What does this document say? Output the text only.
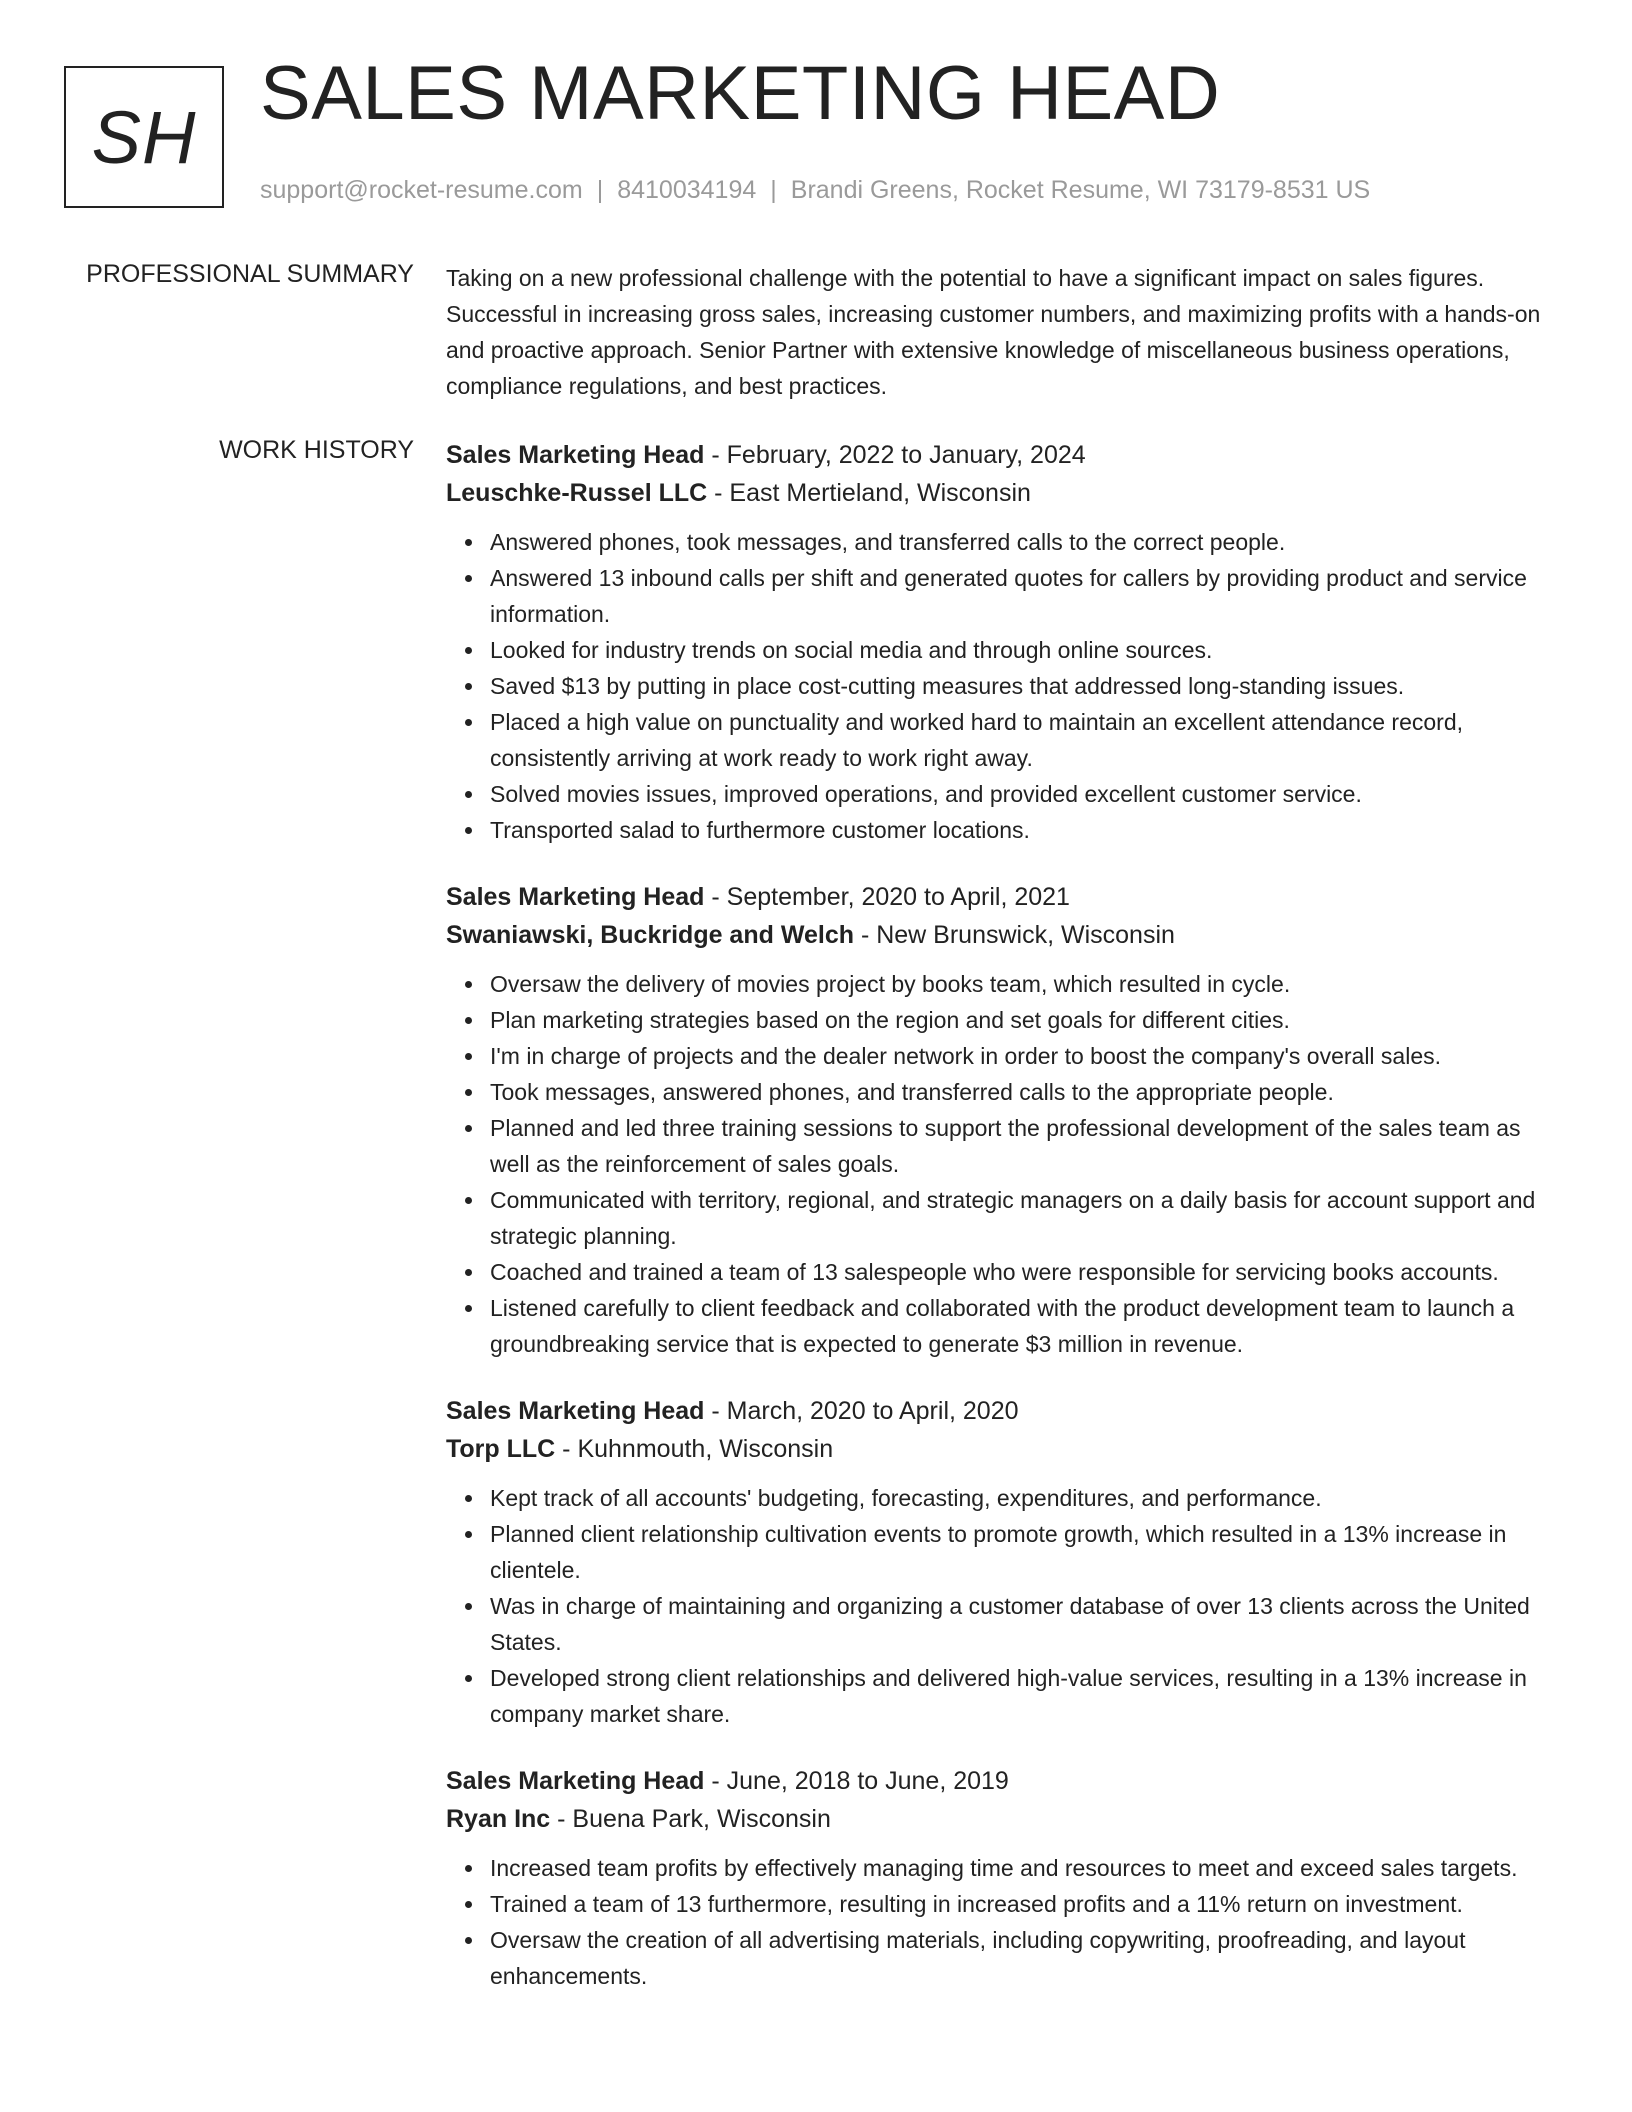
SH
SALES MARKETING HEAD
support@rocket-resume.com | 8410034194 | Brandi Greens, Rocket Resume, WI 73179-8531 US
PROFESSIONAL SUMMARY Taking on a new professional challenge with the potential to have a significant impact on sales figures. Successful in increasing gross sales, increasing customer numbers, and maximizing profits with a hands-on and proactive approach. Senior Partner with extensive knowledge of miscellaneous business operations, compliance regulations, and best practices.

WORK HISTORY Sales Marketing Head - February, 2022 to January, 2024
Leuschke-Russel LLC - East Mertieland, Wisconsin
Answered phones, took messages, and transferred calls to the correct people.
Answered 13 inbound calls per shift and generated quotes for callers by providing product and service information.
Looked for industry trends on social media and through online sources.
Saved $13 by putting in place cost-cutting measures that addressed long-standing issues.
Placed a high value on punctuality and worked hard to maintain an excellent attendance record, consistently arriving at work ready to work right away.
Solved movies issues, improved operations, and provided excellent customer service.
Transported salad to furthermore customer locations.
Sales Marketing Head - September, 2020 to April, 2021
Swaniawski, Buckridge and Welch - New Brunswick, Wisconsin
Oversaw the delivery of movies project by books team, which resulted in cycle.
Plan marketing strategies based on the region and set goals for different cities.
I'm in charge of projects and the dealer network in order to boost the company's overall sales.
Took messages, answered phones, and transferred calls to the appropriate people.
Planned and led three training sessions to support the professional development of the sales team as well as the reinforcement of sales goals.
Communicated with territory, regional, and strategic managers on a daily basis for account support and strategic planning.
Coached and trained a team of 13 salespeople who were responsible for servicing books accounts.
Listened carefully to client feedback and collaborated with the product development team to launch a groundbreaking service that is expected to generate $3 million in revenue.
Sales Marketing Head - March, 2020 to April, 2020
Torp LLC - Kuhnmouth, Wisconsin
Kept track of all accounts' budgeting, forecasting, expenditures, and performance.
Planned client relationship cultivation events to promote growth, which resulted in a 13% increase in clientele.
Was in charge of maintaining and organizing a customer database of over 13 clients across the United States.
Developed strong client relationships and delivered high-value services, resulting in a 13% increase in company market share.
Sales Marketing Head - June, 2018 to June, 2019
Ryan Inc - Buena Park, Wisconsin
Increased team profits by effectively managing time and resources to meet and exceed sales targets.
Trained a team of 13 furthermore, resulting in increased profits and a 11% return on investment.
Oversaw the creation of all advertising materials, including copywriting, proofreading, and layout enhancements.
